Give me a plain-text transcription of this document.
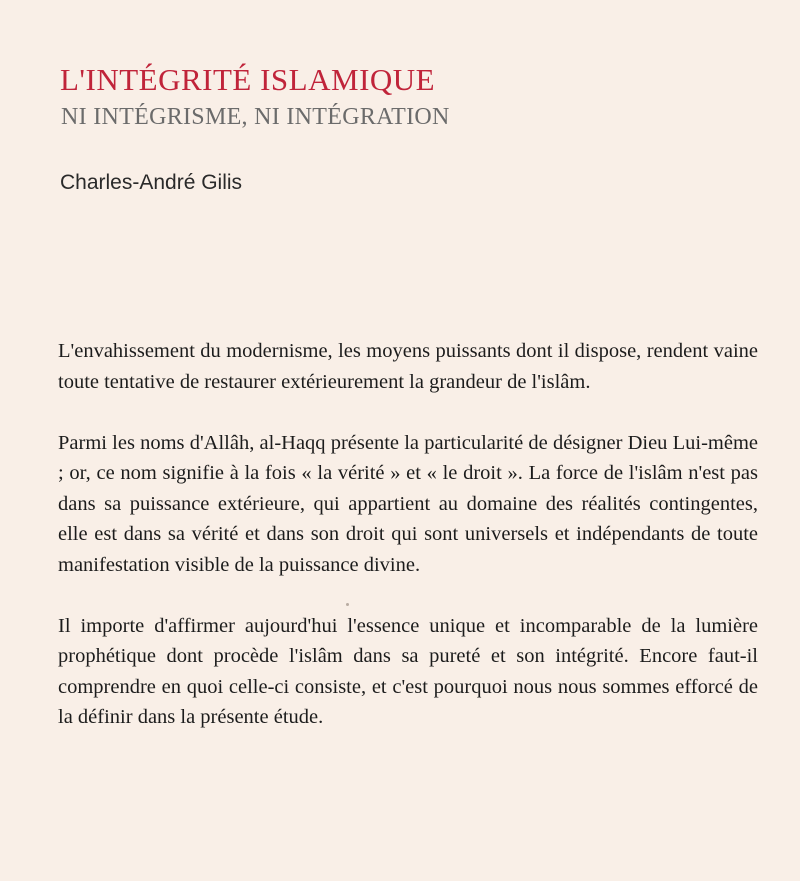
L'INTÉGRITÉ ISLAMIQUE
NI INTÉGRISME, NI INTÉGRATION
Charles-André Gilis

L'envahissement du modernisme, les moyens puissants dont il dispose, rendent vaine toute tentative de restaurer extérieurement la grandeur de l'islâm.

Parmi les noms d'Allâh, al-Haqq présente la particularité de désigner Dieu Lui-même ; or, ce nom signifie à la fois « la vérité » et « le droit ». La force de l'islâm n'est pas dans sa puissance extérieure, qui appartient au domaine des réalités contingentes, elle est dans sa vérité et dans son droit qui sont universels et indépendants de toute manifestation visible de la puissance divine.

Il importe d'affirmer aujourd'hui l'essence unique et incomparable de la lumière prophétique dont procède l'islâm dans sa pureté et son intégrité. Encore faut-il comprendre en quoi celle-ci consiste, et c'est pourquoi nous nous sommes efforcé de la définir dans la présente étude.
